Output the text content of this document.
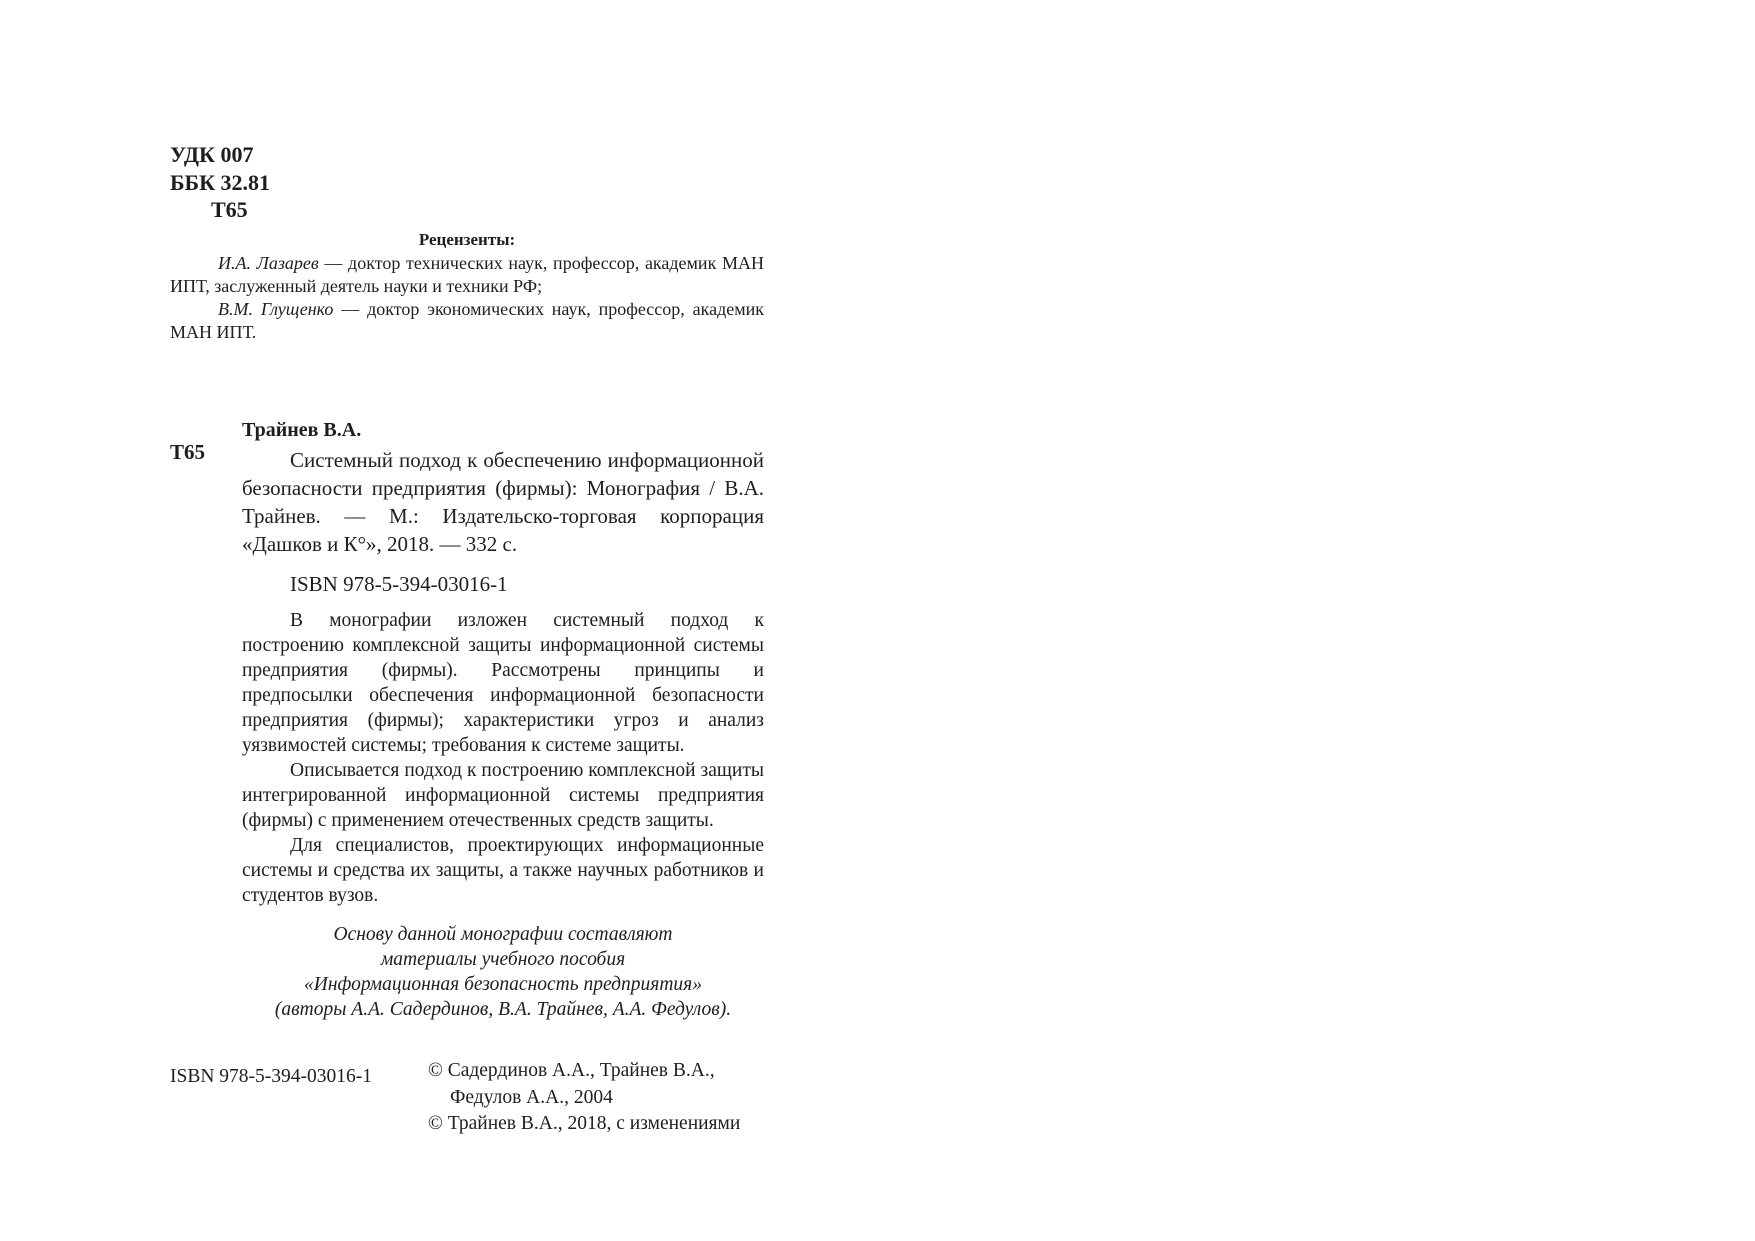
УДК 007
ББК 32.81
Т65
Рецензенты:

И.А. Лазарев — доктор технических наук, профессор, академик МАН ИПТ, заслуженный деятель науки и техники РФ;

В.М. Глущенко — доктор экономических наук, профессор, академик МАН ИПТ.

Трайнев В.А.
Т65	Системный подход к обеспечению информационной безопасности предприятия (фирмы): Монография / В.А. Трайнев. — М.: Издательско-торговая корпорация «Дашков и К°», 2018. — 332 с.

ISBN 978-5-394-03016-1

В монографии изложен системный подход к построению комплексной защиты информационной системы предприятия (фирмы). Рассмотрены принципы и предпосылки обеспечения информационной безопасности предприятия (фирмы); характеристики угроз и анализ уязвимостей системы; требования к системе защиты.

Описывается подход к построению комплексной защиты интегрированной информационной системы предприятия (фирмы) с применением отечественных средств защиты.

Для специалистов, проектирующих информационные системы и средства их защиты, а также научных работников и студентов вузов.

Основу данной монографии составляют
материалы учебного пособия
«Информационная безопасность предприятия»
(авторы А.А. Садердинов, В.А. Трайнев, А.А. Федулов).
ISBN 978-5-394-03016-1	© Садердинов А.А., Трайнев В.А.,
Федулов А.А., 2004
© Трайнев В.А., 2018, с изменениями
